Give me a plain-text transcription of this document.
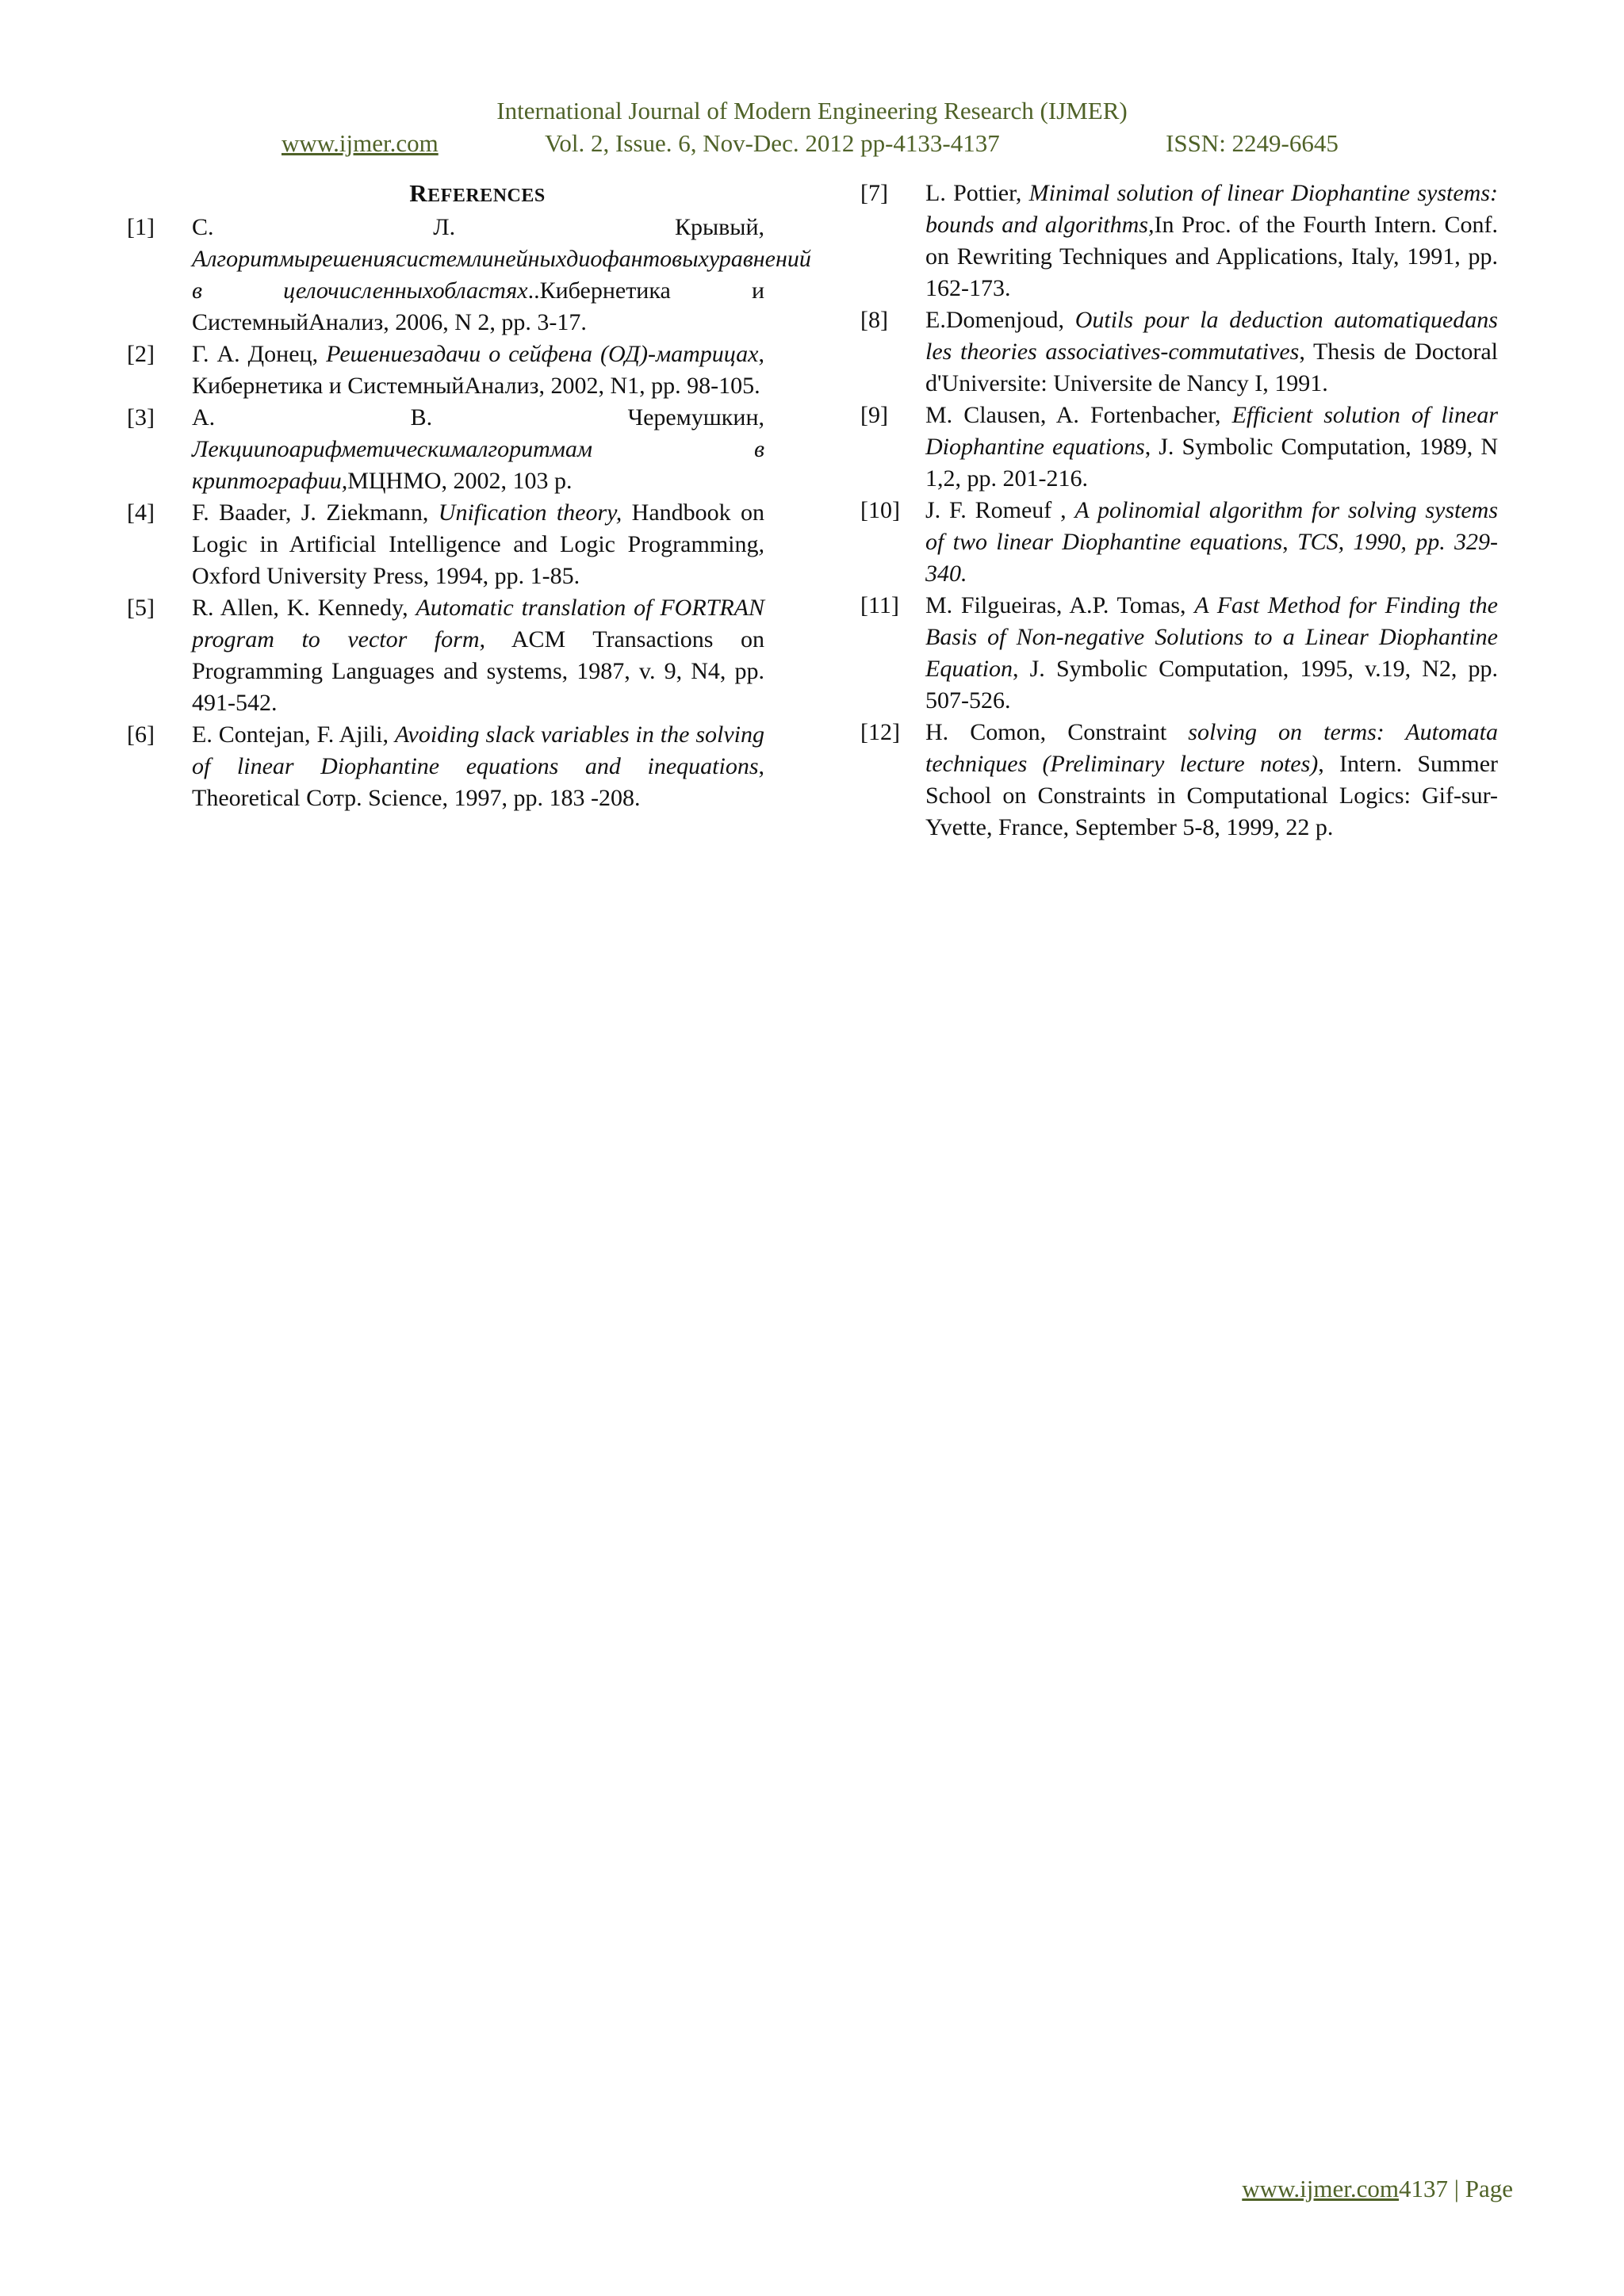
International Journal of Modern Engineering Research (IJMER)
www.ijmer.com	Vol. 2, Issue. 6, Nov-Dec. 2012 pp-4133-4137	ISSN: 2249-6645
REFERENCES
[1] С. Л. Крывый, Алгоритмырешениясистемлинейныхдиофантовыхуравнений в целочисленныхобластях..Кибернетика и СистемныйАнализ, 2006, N 2, pp. 3-17.
[2] Г. А. Донец, Решениезадачи о сейфена (ОД)-матрицах, Кибернетика и СистемныйАнализ, 2002, N1, pp. 98-105.
[3] А. В. Черемушкин, Лекциипоарифметическималгоритмам в криптографии,МЦНМО, 2002, 103 p.
[4] F. Baader, J. Ziekmann, Unification theory, Handbook on Logic in Artificial Intelligence and Logic Programming, Oxford University Press, 1994, pp. 1-85.
[5] R. Allen, K. Kennedy, Automatic translation of FORTRAN program to vector form, ACM Transactions on Programming Languages and systems, 1987, v. 9, N4, pp. 491-542.
[6] E. Contejan, F. Ajili, Avoiding slack variables in the solving of linear Diophantine equations and inequations, Theoretical Сотр. Science, 1997, pp. 183 -208.
[7] L. Pottier, Minimal solution of linear Diophantine systems: bounds and algorithms,In Proc. of the Fourth Intern. Conf. on Rewriting Techniques and Applications, Italy, 1991, pp. 162-173.
[8] E.Domenjoud, Outils pour la deduction automatiquedans les theories associatives-commutatives, Thesis de Doctoral d'Universite: Universite de Nancy I, 1991.
[9] M. Clausen, A. Fortenbacher, Efficient solution of linear Diophantine equations, J. Symbolic Computation, 1989, N 1,2, pp. 201-216.
[10] J. F. Romeuf , A polinomial algorithm for solving systems of two linear Diophantine equations, TCS, 1990, pp. 329-340.
[11] M. Filgueiras, A.P. Tomas, A Fast Method for Finding the Basis of Non-negative Solutions to a Linear Diophantine Equation, J. Symbolic Computation, 1995, v.19, N2, pp. 507-526.
[12] H. Comon, Constraint solving on terms: Automata techniques (Preliminary lecture notes), Intern. Summer School on Constraints in Computational Logics: Gif-sur-Yvette, France, September 5-8, 1999, 22 p.
www.ijmer.com4137 | Page
